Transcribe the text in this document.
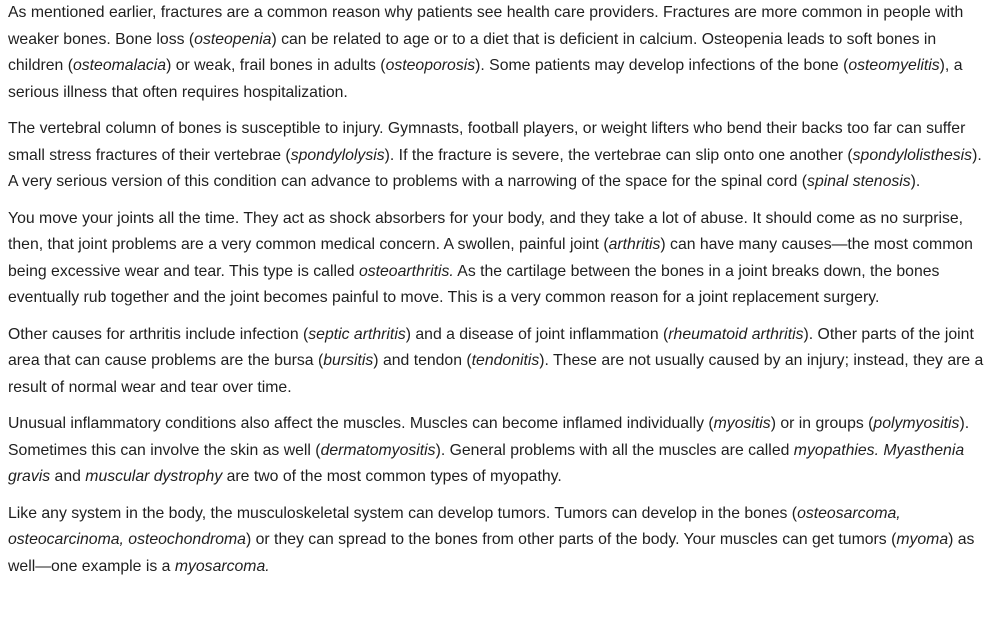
As mentioned earlier, fractures are a common reason why patients see health care providers. Fractures are more common in people with weaker bones. Bone loss (osteopenia) can be related to age or to a diet that is deficient in calcium. Osteopenia leads to soft bones in children (osteomalacia) or weak, frail bones in adults (osteoporosis). Some patients may develop infections of the bone (osteomyelitis), a serious illness that often requires hospitalization.

The vertebral column of bones is susceptible to injury. Gymnasts, football players, or weight lifters who bend their backs too far can suffer small stress fractures of their vertebrae (spondylolysis). If the fracture is severe, the vertebrae can slip onto one another (spondylolisthesis). A very serious version of this condition can advance to problems with a narrowing of the space for the spinal cord (spinal stenosis).

You move your joints all the time. They act as shock absorbers for your body, and they take a lot of abuse. It should come as no surprise, then, that joint problems are a very common medical concern. A swollen, painful joint (arthritis) can have many causes—the most common being excessive wear and tear. This type is called osteoarthritis. As the cartilage between the bones in a joint breaks down, the bones eventually rub together and the joint becomes painful to move. This is a very common reason for a joint replacement surgery.

Other causes for arthritis include infection (septic arthritis) and a disease of joint inflammation (rheumatoid arthritis). Other parts of the joint area that can cause problems are the bursa (bursitis) and tendon (tendonitis). These are not usually caused by an injury; instead, they are a result of normal wear and tear over time.

Unusual inflammatory conditions also affect the muscles. Muscles can become inflamed individually (myositis) or in groups (polymyositis). Sometimes this can involve the skin as well (dermatomyositis). General problems with all the muscles are called myopathies. Myasthenia gravis and muscular dystrophy are two of the most common types of myopathy.

Like any system in the body, the musculoskeletal system can develop tumors. Tumors can develop in the bones (osteosarcoma, osteocarcinoma, osteochondroma) or they can spread to the bones from other parts of the body. Your muscles can get tumors (myoma) as well—one example is a myosarcoma.
